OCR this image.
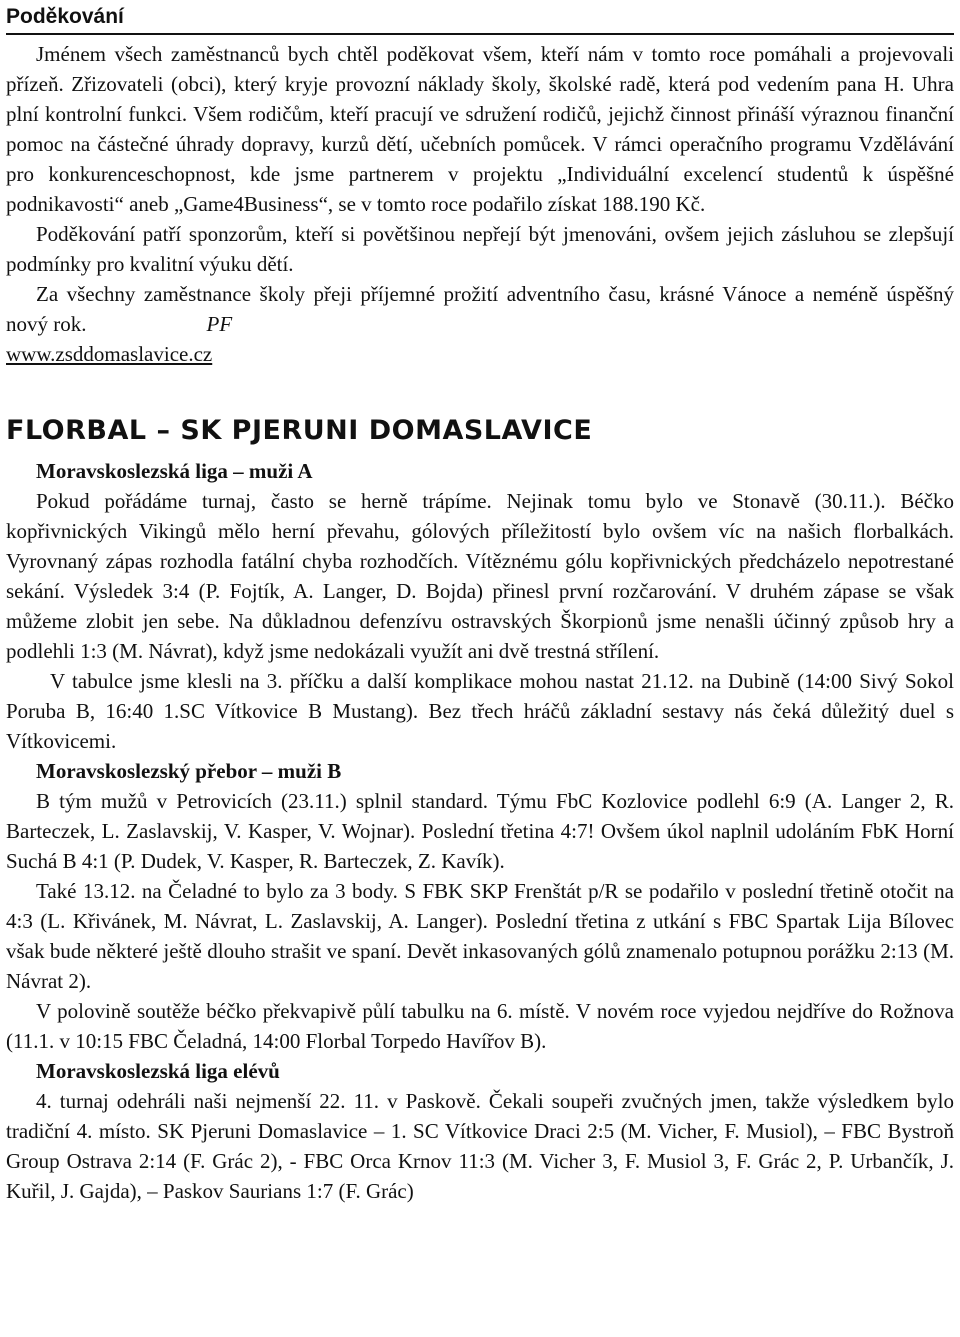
Poděkování

Jménem všech zaměstnanců bych chtěl poděkovat všem, kteří nám v tomto roce pomáhali a projevovali přízeň. Zřizovateli (obci), který kryje provozní náklady školy, školské radě, která pod vedením pana H. Uhra plní kontrolní funkci. Všem rodičům, kteří pracují ve sdružení rodičů, jejichž činnost přináší výraznou finanční pomoc na částečné úhrady dopravy, kurzů dětí, učebních pomůcek. V rámci operačního programu Vzdělávání pro konkurenceschopnost, kde jsme partnerem v projektu „Individuální excelencí studentů k úspěšné podnikavosti“ aneb „Game4Business“, se v tomto roce podařilo získat 188.190 Kč.

Poděkování patří sponzorům, kteří si povětšinou nepřejí být jmenováni, ovšem jejich zásluhou se zlepšují podmínky pro kvalitní výuku dětí.

Za všechny zaměstnance školy přeji příjemné prožití adventního času, krásné Vánoce a neméně úspěšný nový rok.	PF

www.zsddomaslavice.cz
FLORBAL – SK PJERUNI DOMASLAVICE
Moravskoslezská liga – muži A

Pokud pořádáme turnaj, často se herně trápíme. Nejinak tomu bylo ve Stonavě (30.11.). Béčko kopřivnických Vikingů mělo herní převahu, gólových příležitostí bylo ovšem víc na našich florbalkách. Vyrovnaný zápas rozhodla fatální chyba rozhodčích. Vítěznému gólu kopřivnických předcházelo nepotrestané sekání. Výsledek 3:4 (P. Fojtík, A. Langer, D. Bojda) přinesl první rozčarování. V druhém zápase se však můžeme zlobit jen sebe. Na důkladnou defenzívu ostravských Škorpionů jsme nenašli účinný způsob hry a podlehli 1:3 (M. Návrat), když jsme nedokázali využít ani dvě trestná střílení.

V tabulce jsme klesli na 3. příčku a další komplikace mohou nastat 21.12. na Dubině (14:00 Sivý Sokol Poruba B, 16:40 1.SC Vítkovice B Mustang). Bez třech hráčů základní sestavy nás čeká důležitý duel s Vítkovicemi.

Moravskoslezský přebor – muži B

B tým mužů v Petrovicích (23.11.) splnil standard. Týmu FbC Kozlovice podlehl 6:9 (A. Langer 2, R. Barteczek, L. Zaslavskij, V. Kasper, V. Wojnar). Poslední třetina 4:7! Ovšem úkol naplnil udoláním FbK Horní Suchá B 4:1 (P. Dudek, V. Kasper, R. Barteczek, Z. Kavík).

Také 13.12. na Čeladné to bylo za 3 body. S FBK SKP Frenštát p/R se podařilo v poslední třetině otočit na 4:3 (L. Křivánek, M. Návrat, L. Zaslavskij, A. Langer). Poslední třetina z utkání s FBC Spartak Lija Bílovec však bude některé ještě dlouho strašit ve spaní. Devět inkasovaných gólů znamenalo potupnou porážku 2:13 (M. Návrat 2).

V polovině soutěže béčko překvapivě půlí tabulku na 6. místě. V novém roce vyjedou nejdříve do Rožnova (11.1. v 10:15 FBC Čeladná, 14:00 Florbal Torpedo Havířov B).

Moravskoslezská liga elévů

4. turnaj odehráli naši nejmenší 22. 11. v Paskově. Čekali soupeři zvučných jmen, takže výsledkem bylo tradiční 4. místo. SK Pjeruni Domaslavice – 1. SC Vítkovice Draci 2:5 (M. Vicher, F. Musiol), – FBC Bystroň Group Ostrava 2:14 (F. Grác 2), - FBC Orca Krnov 11:3 (M. Vicher 3, F. Musiol 3, F. Grác 2, P. Urbančík, J. Kuřil, J. Gajda), – Paskov Saurians 1:7 (F. Grác)
